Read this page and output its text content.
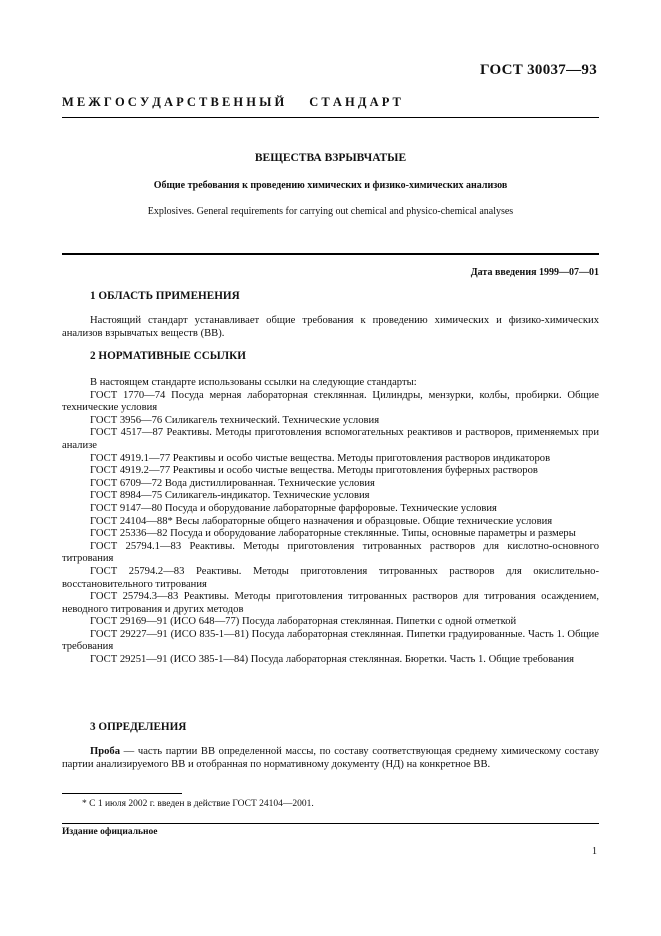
ГОСТ 30037—93
М Е Ж Г О С У Д А Р С Т В Е Н Н Ы Й        С Т А Н Д А Р Т
ВЕЩЕСТВА ВЗРЫВЧАТЫЕ
Общие требования к проведению химических и физико-химических анализов
Explosives. General requirements for carrying out chemical and physico-chemical analyses
Дата введения 1999—07—01
1 ОБЛАСТЬ ПРИМЕНЕНИЯ

Настоящий стандарт устанавливает общие требования к проведению химических и физико-химических анализов взрывчатых веществ (ВВ).

2 НОРМАТИВНЫЕ ССЫЛКИ

В настоящем стандарте использованы ссылки на следующие стандарты:

ГОСТ 1770—74 Посуда мерная лабораторная стеклянная. Цилиндры, мензурки, колбы, пробирки. Общие технические условия

ГОСТ 3956—76 Силикагель технический. Технические условия

ГОСТ 4517—87 Реактивы. Методы приготовления вспомогательных реактивов и растворов, применяемых при анализе

ГОСТ 4919.1—77 Реактивы и особо чистые вещества. Методы приготовления растворов индикаторов

ГОСТ 4919.2—77 Реактивы и особо чистые вещества. Методы приготовления буферных растворов

ГОСТ 6709—72 Вода дистиллированная. Технические условия

ГОСТ 8984—75 Силикагель-индикатор. Технические условия

ГОСТ 9147—80 Посуда и оборудование лабораторные фарфоровые. Технические условия

ГОСТ 24104—88* Весы лабораторные общего назначения и образцовые. Общие технические условия

ГОСТ 25336—82 Посуда и оборудование лабораторные стеклянные. Типы, основные параметры и размеры

ГОСТ 25794.1—83 Реактивы. Методы приготовления титрованных растворов для кислотно-основного титрования

ГОСТ 25794.2—83 Реактивы. Методы приготовления титрованных растворов для окислительно-восстановительного титрования

ГОСТ 25794.3—83 Реактивы. Методы приготовления титрованных растворов для титрования осаждением, неводного титрования и других методов

ГОСТ 29169—91 (ИСО 648—77) Посуда лабораторная стеклянная. Пипетки с одной отметкой

ГОСТ 29227—91 (ИСО 835-1—81) Посуда лабораторная стеклянная. Пипетки градуированные. Часть 1. Общие требования

ГОСТ 29251—91 (ИСО 385-1—84) Посуда лабораторная стеклянная. Бюретки. Часть 1. Общие требования

3 ОПРЕДЕЛЕНИЯ

Проба — часть партии ВВ определенной массы, по составу соответствующая среднему химическому составу партии анализируемого ВВ и отобранная по нормативному документу (НД) на конкретное ВВ.

* С 1 июля 2002 г. введен в действие ГОСТ 24104—2001.
Издание официальное
1
